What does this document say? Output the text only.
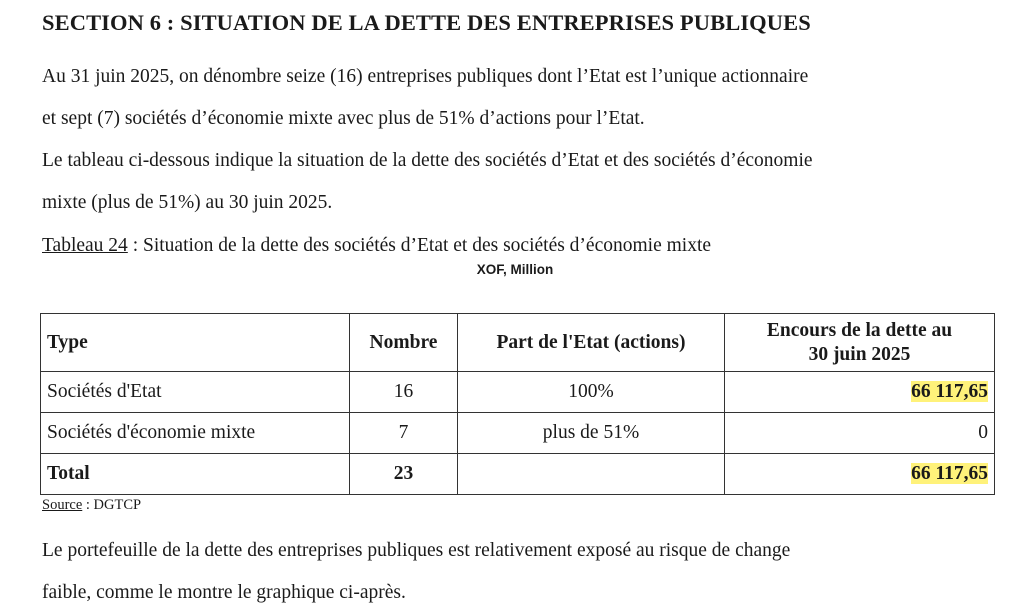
SECTION 6 : SITUATION DE LA DETTE DES ENTREPRISES PUBLIQUES
Au 31 juin 2025, on dénombre seize (16) entreprises publiques dont l’Etat est l’unique actionnaire
et sept (7) sociétés d’économie mixte avec plus de 51% d’actions pour l’Etat.
Le tableau ci-dessous indique la situation de la dette des sociétés d’Etat et des sociétés d’économie
mixte (plus de 51%) au 30 juin 2025.
Tableau 24 : Situation de la dette des sociétés d’Etat et des sociétés d’économie mixte
XOF, Million
Type	Nombre	Part de l'Etat (actions)	Encours de la dette au
30 juin 2025
Sociétés d'Etat	16	100%	66 117,65
Sociétés d'économie mixte	7	plus de 51%	0
Total	23		66 117,65
Source : DGTCP
Le portefeuille de la dette des entreprises publiques est relativement exposé au risque de change
faible, comme le montre le graphique ci-après.
